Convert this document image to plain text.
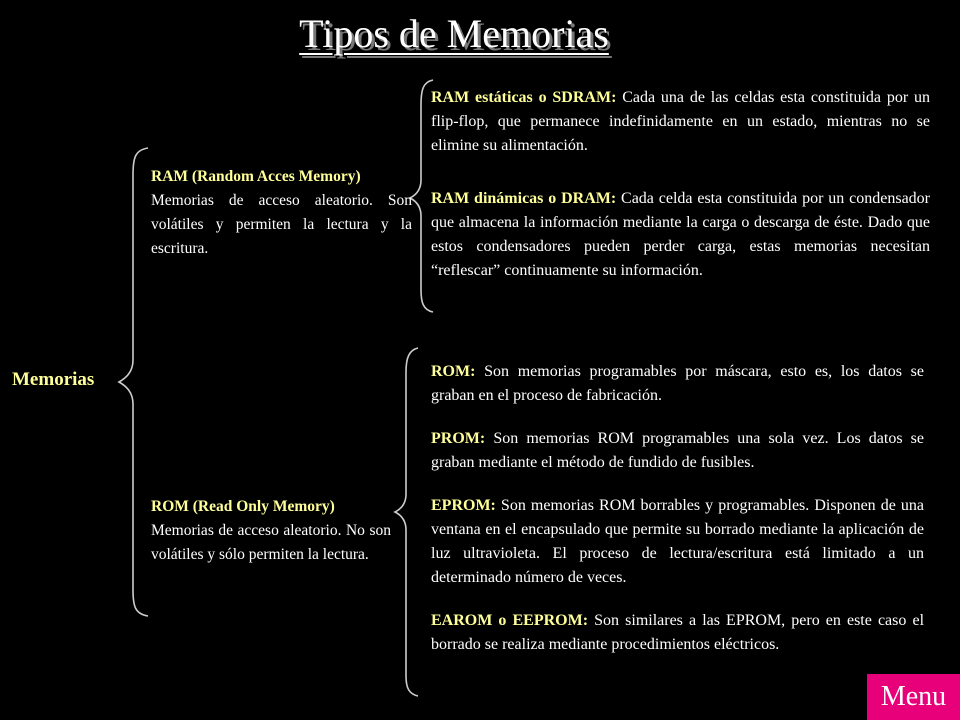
Tipos de Memorias
Memorias
RAM (Random Acces Memory)
Memorias de acceso aleatorio. Son volátiles y permiten la lectura y la escritura.
ROM (Read Only Memory)
Memorias de acceso aleatorio. No son volátiles y sólo permiten la lectura.
RAM estáticas o SDRAM: Cada una de las celdas esta constituida por un flip-flop, que permanece indefinidamente en un estado, mientras no se elimine su alimentación.
RAM dinámicas o DRAM: Cada celda esta constituida por un condensador que almacena la información mediante la carga o descarga de éste. Dado que estos condensadores pueden perder carga, estas memorias necesitan “reflescar” continuamente su información.
ROM: Son memorias programables por máscara, esto es, los datos se graban en el proceso de fabricación.
PROM: Son memorias ROM programables una sola vez. Los datos se graban mediante el método de fundido de fusibles.
EPROM: Son memorias ROM borrables y programables. Disponen de una ventana en el encapsulado que permite su borrado mediante la aplicación de luz ultravioleta. El proceso de lectura/escritura está limitado a un determinado número de veces.
EAROM o EEPROM: Son similares a las EPROM, pero en este caso el borrado se realiza mediante procedimientos eléctricos.
Menu
